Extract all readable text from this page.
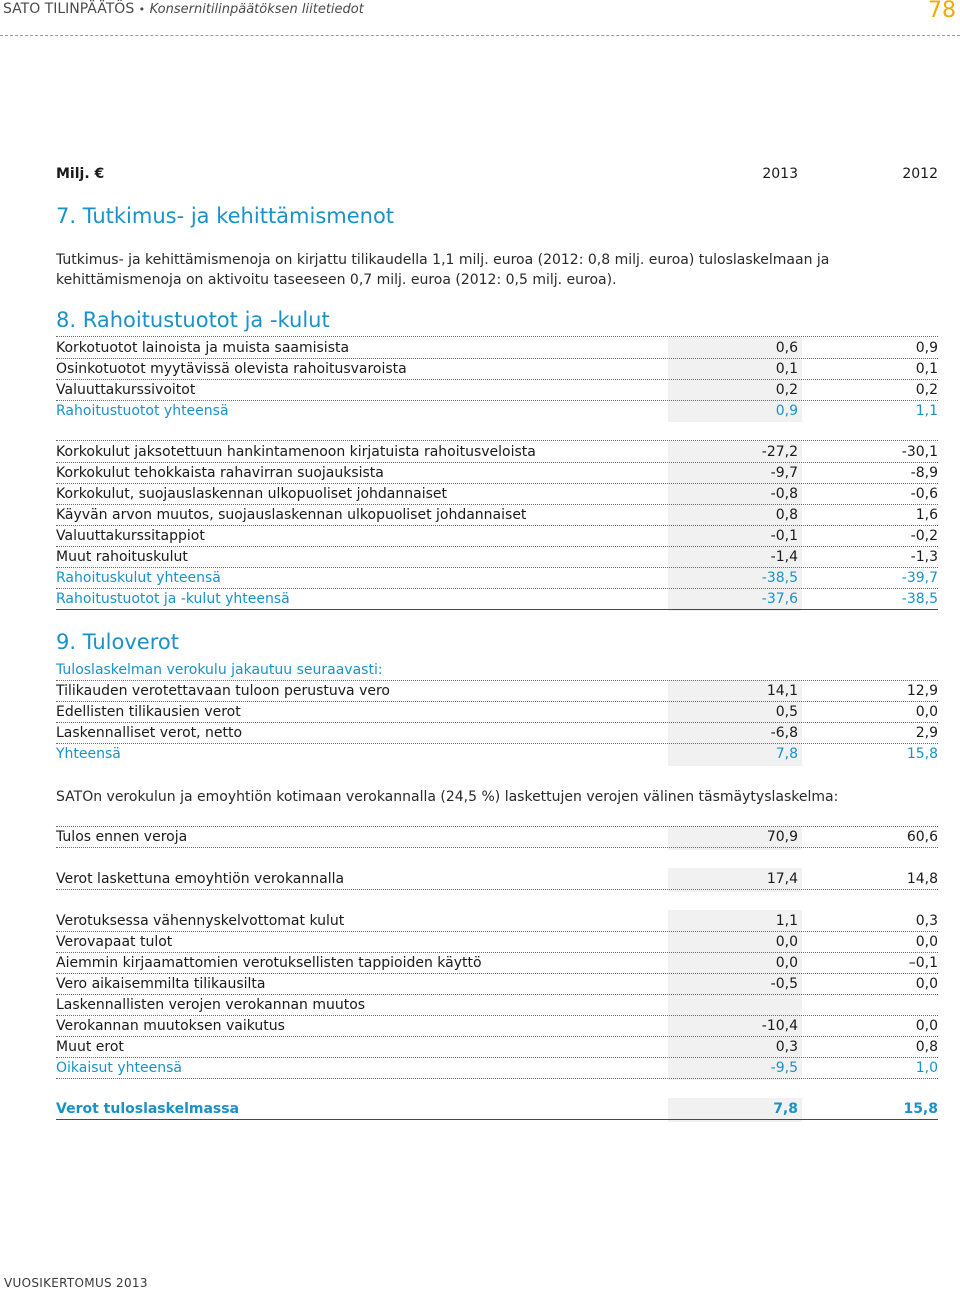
SATO TILINPÄÄTÖS • Konsernitilinpäätöksen liitetiedot	78
Milj. €	2013	2012
7. Tutkimus- ja kehittämismenot
Tutkimus- ja kehittämismenoja on kirjattu tilikaudella 1,1 milj. euroa (2012: 0,8 milj. euroa) tuloslaskelmaan ja kehittämismenoja on aktivoitu taseeseen 0,7 milj. euroa (2012: 0,5 milj. euroa).
8. Rahoitustuotot ja -kulut
Korkotuotot lainoista ja muista saamisista	0,6	0,9
Osinkotuotot myytävissä olevista rahoitusvaroista	0,1	0,1
Valuuttakurssivoitot	0,2	0,2
Rahoitustuotot yhteensä	0,9	1,1
Korkokulut jaksotettuun hankintamenoon kirjatuista rahoitusveloista	-27,2	-30,1
Korkokulut tehokkaista rahavirran suojauksista	-9,7	-8,9
Korkokulut, suojauslaskennan ulkopuoliset johdannaiset	-0,8	-0,6
Käyvän arvon muutos, suojauslaskennan ulkopuoliset johdannaiset	0,8	1,6
Valuuttakurssitappiot	-0,1	-0,2
Muut rahoituskulut	-1,4	-1,3
Rahoituskulut yhteensä	-38,5	-39,7
Rahoitustuotot ja -kulut yhteensä	-37,6	-38,5
9. Tuloverot
Tuloslaskelman verokulu jakautuu seuraavasti:
Tilikauden verotettavaan tuloon perustuva vero	14,1	12,9
Edellisten tilikausien verot	0,5	0,0
Laskennalliset verot, netto	-6,8	2,9
Yhteensä	7,8	15,8
SATOn verokulun ja emoyhtiön kotimaan verokannalla (24,5 %) laskettujen verojen välinen täsmäytyslaskelma:
Tulos ennen veroja	70,9	60,6
Verot laskettuna emoyhtiön verokannalla	17,4	14,8
Verotuksessa vähennyskelvottomat kulut	1,1	0,3
Verovapaat tulot	0,0	0,0
Aiemmin kirjaamattomien verotuksellisten tappioiden käyttö	0,0	–0,1
Vero aikaisemmilta tilikausilta	-0,5	0,0
Laskennallisten verojen verokannan muutos
Verokannan muutoksen vaikutus	-10,4	0,0
Muut erot	0,3	0,8
Oikaisut yhteensä	-9,5	1,0
Verot tuloslaskelmassa	7,8	15,8
VUOSIKERTOMUS 2013
